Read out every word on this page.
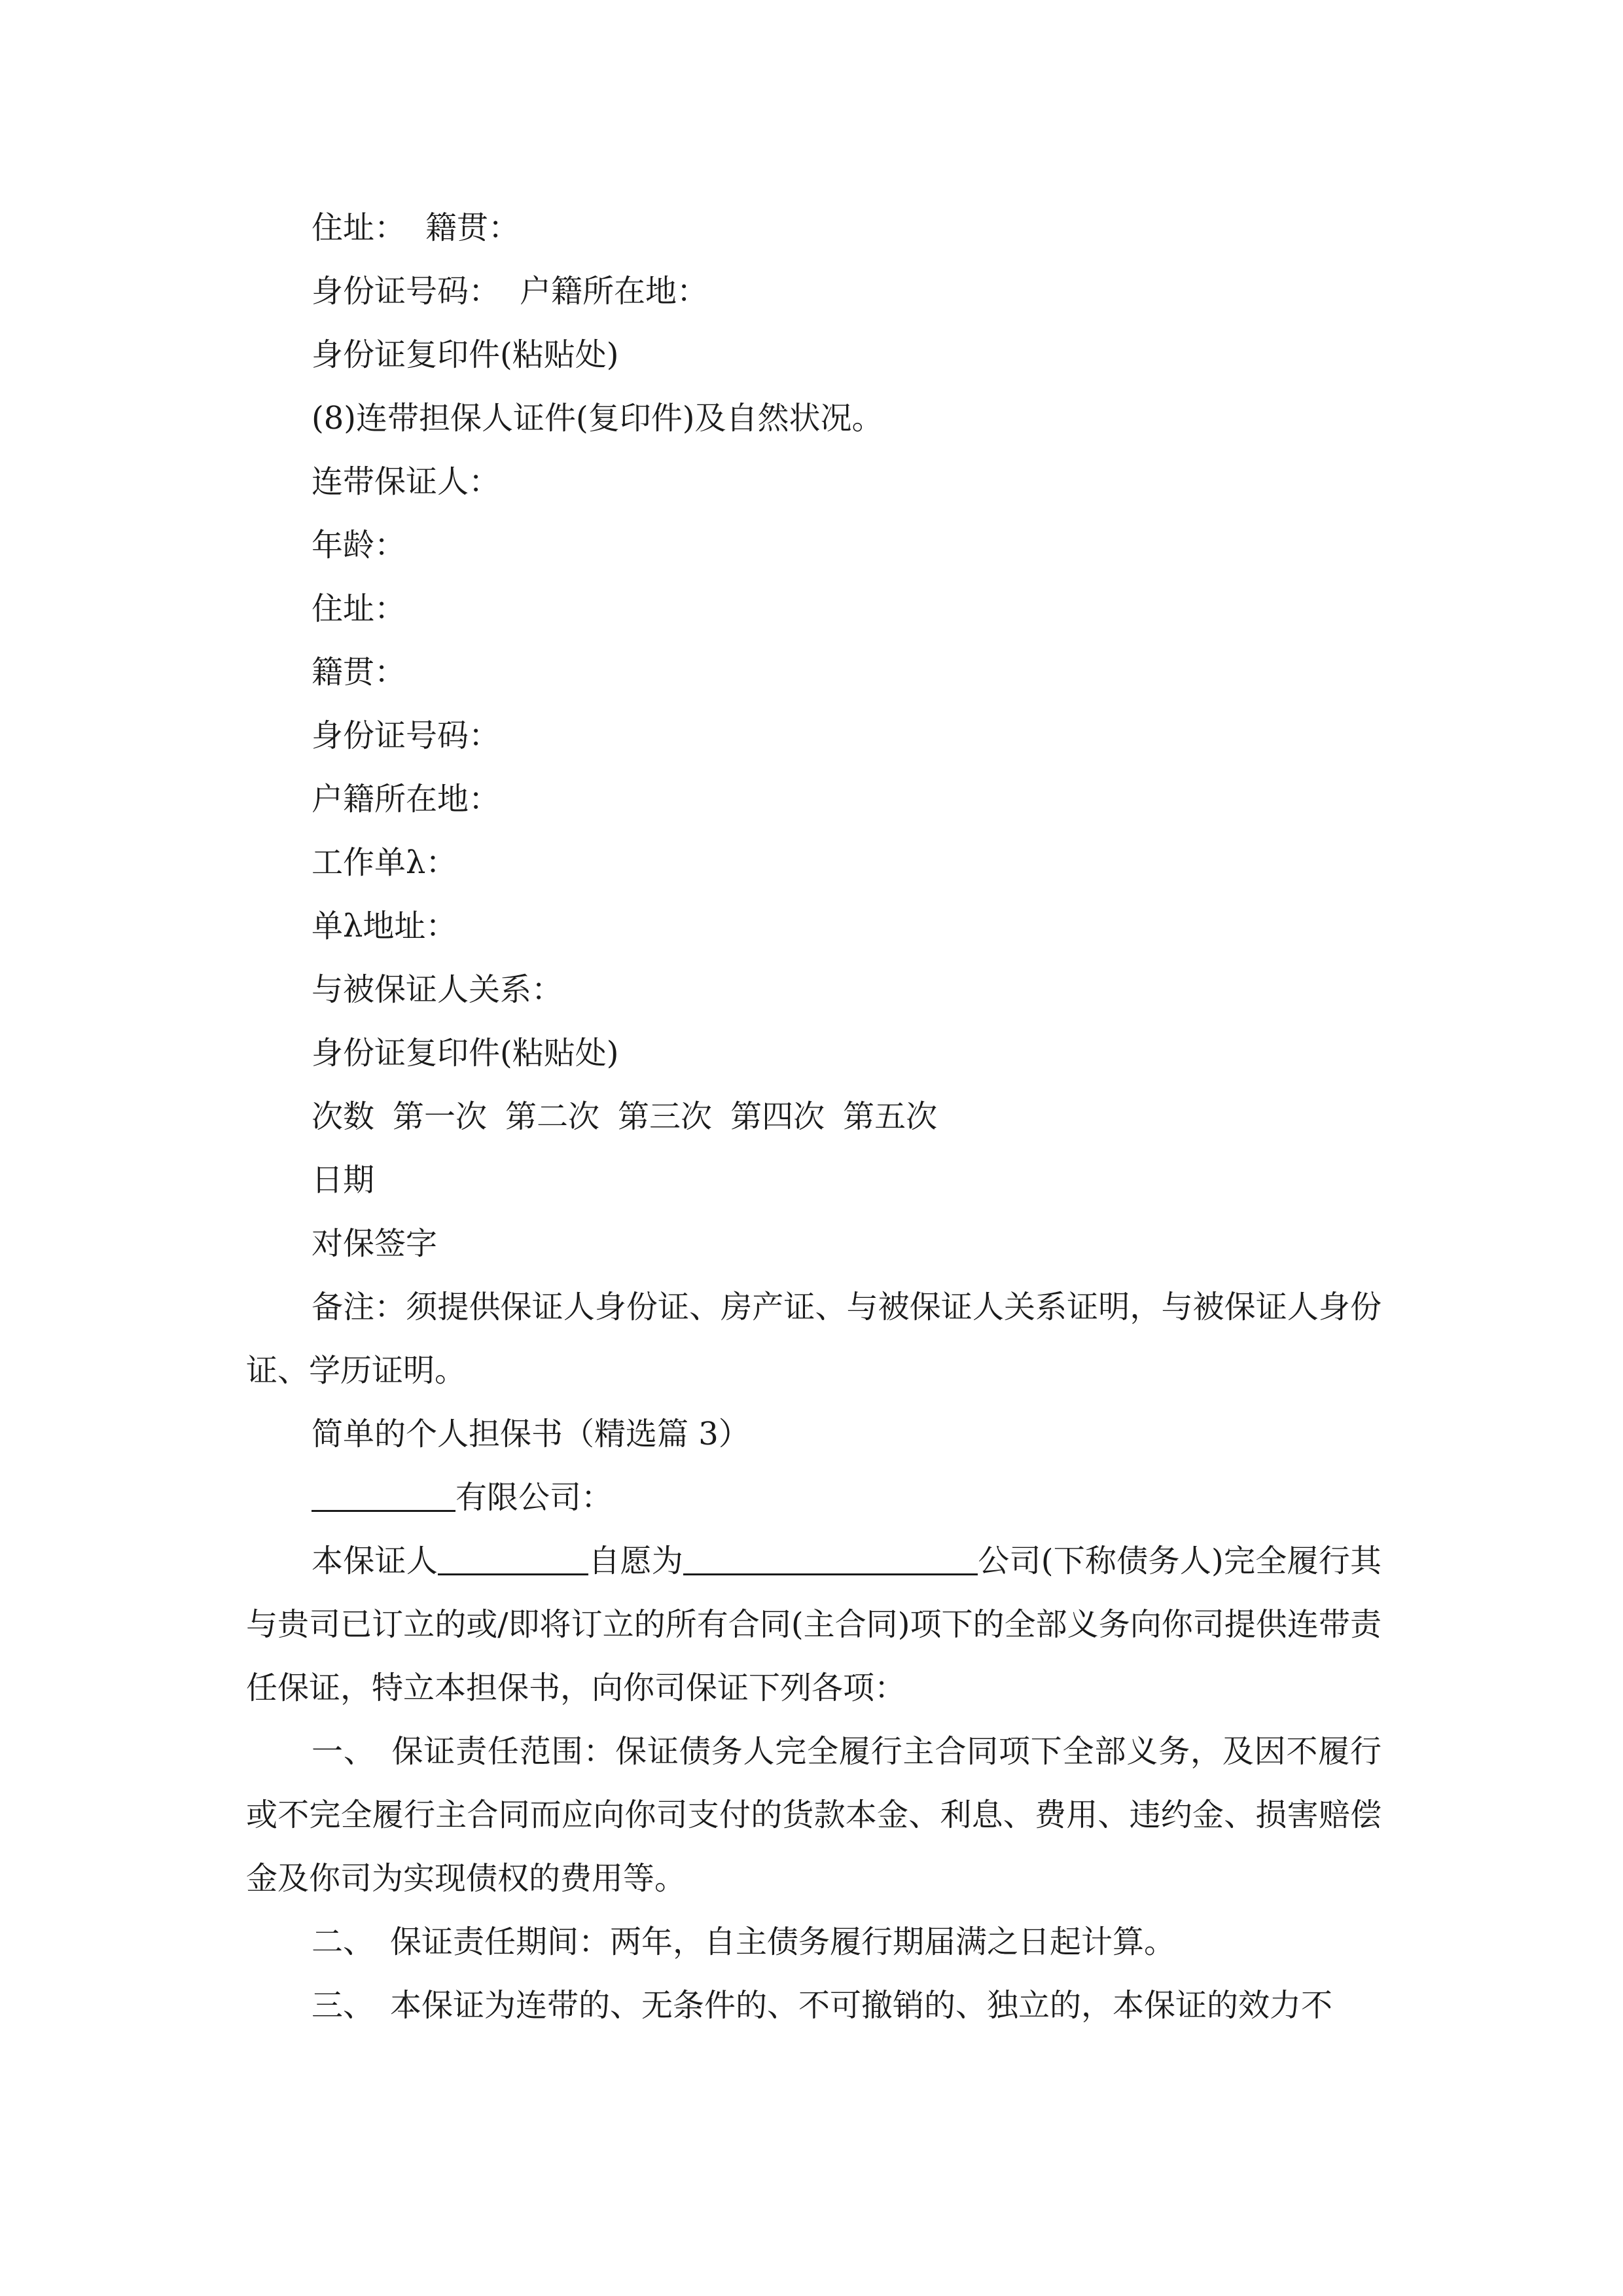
住址： 籍贯：
身份证号码： 户籍所在地：
身份证复印件(粘贴处)
(8)连带担保人证件(复印件)及自然状况。
连带保证人：
年龄：
住址：
籍贯：
身份证号码：
户籍所在地：
工作单λ：
单λ地址：
与被保证人关系：
身份证复印件(粘贴处)
次数 第一次 第二次 第三次 第四次 第五次
日期
对保签字

备注：须提供保证人身份证、房产证、与被保证人关系证明，与被保证人身份证、学历证明。

简单的个人担保书（精选篇 3）
有限公司：

本保证人	自愿为	公司(下称债务人)完全履行其与贵司已订立的或/即将订立的所有合同(主合同)项下的全部义务向你司提供连带责任保证，特立本担保书，向你司保证下列各项：

一、　保证责任范围：保证债务人完全履行主合同项下全部义务，及因不履行或不完全履行主合同而应向你司支付的货款本金、利息、费用、违约金、损害赔偿金及你司为实现债权的费用等。

二、　保证责任期间：两年，自主债务履行期届满之日起计算。

三、　本保证为连带的、无条件的、不可撤销的、独立的，本保证的效力不
